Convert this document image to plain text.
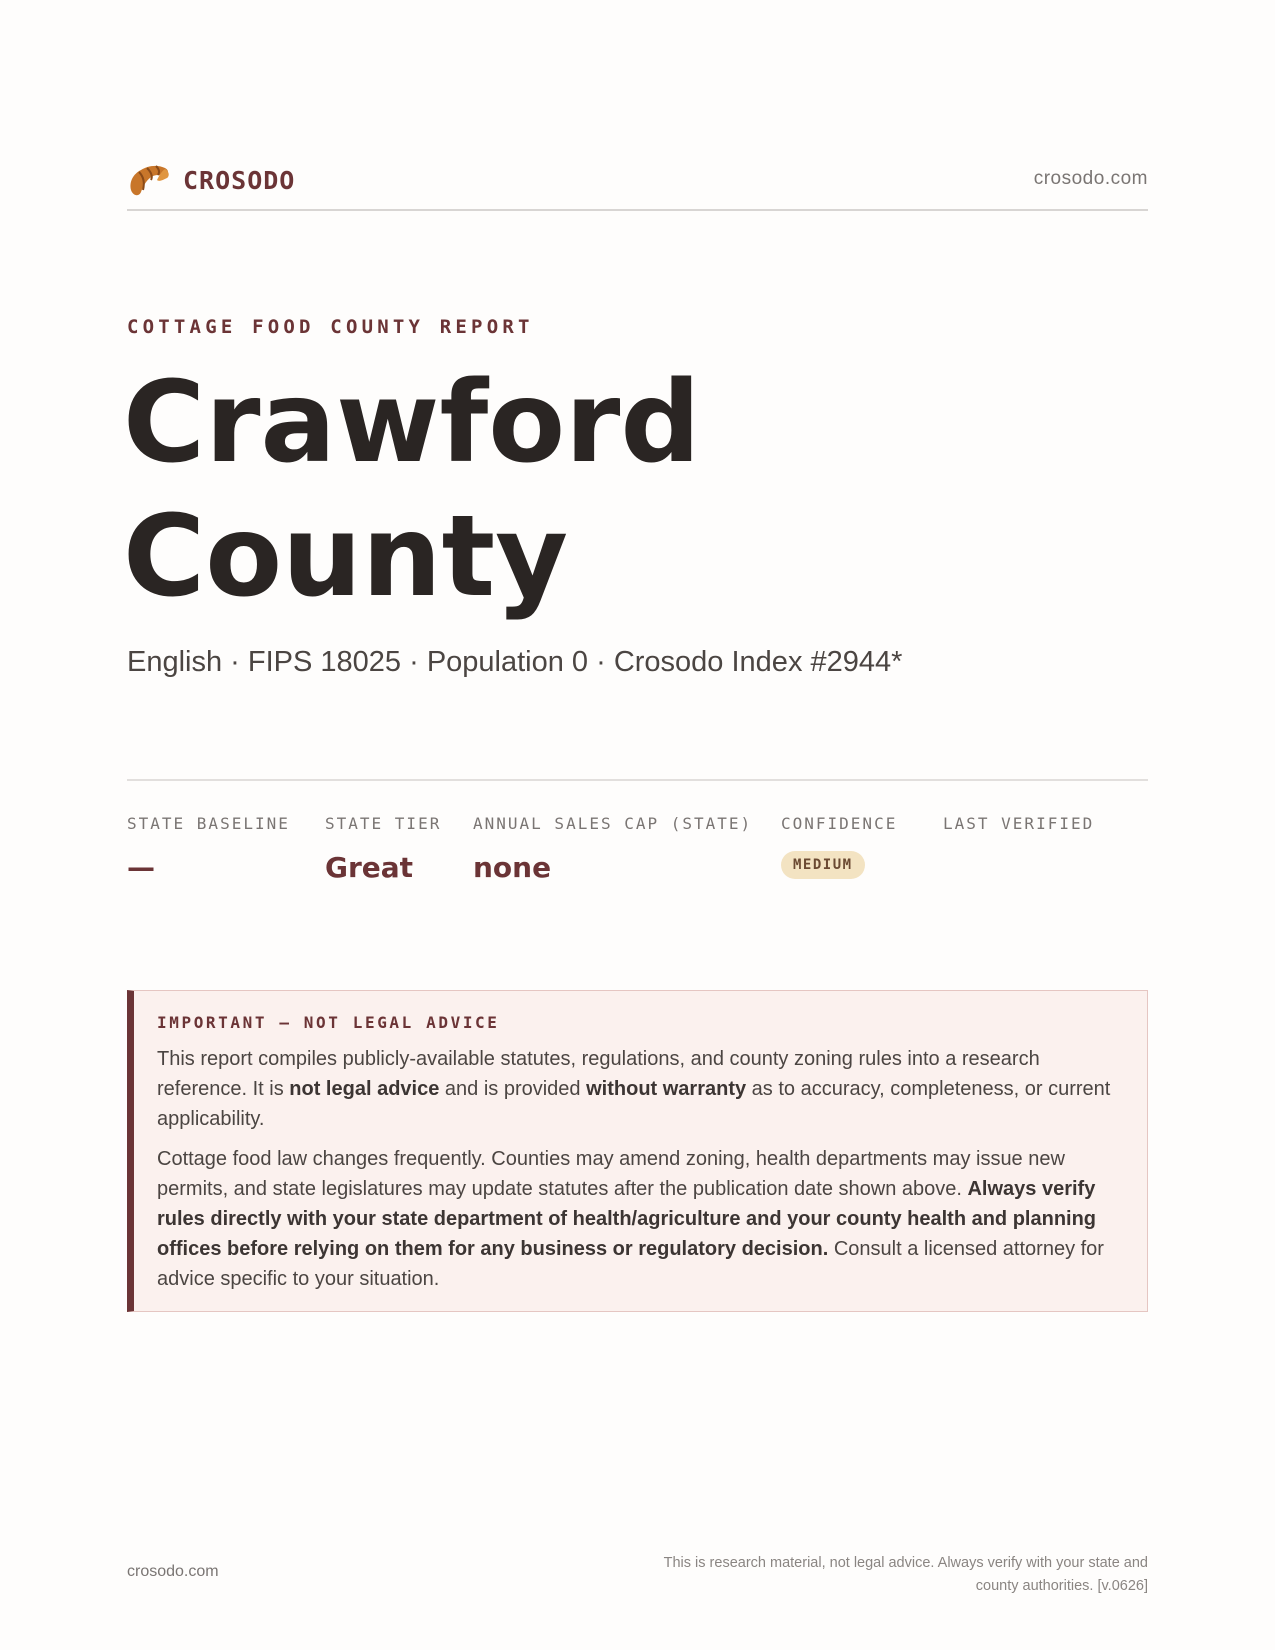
CROSODO	crosodo.com
COTTAGE FOOD COUNTY REPORT
Crawford County
English · FIPS 18025 · Population 0 · Crosodo Index #2944*
STATE BASELINE
—
STATE TIER
Great
ANNUAL SALES CAP (STATE)
none
CONFIDENCE
MEDIUM
LAST VERIFIED
IMPORTANT — NOT LEGAL ADVICE

This report compiles publicly-available statutes, regulations, and county zoning rules into a research reference. It is not legal advice and is provided without warranty as to accuracy, completeness, or current applicability.

Cottage food law changes frequently. Counties may amend zoning, health departments may issue new permits, and state legislatures may update statutes after the publication date shown above. Always verify rules directly with your state department of health/agriculture and your county health and planning offices before relying on them for any business or regulatory decision. Consult a licensed attorney for advice specific to your situation.

crosodo.com	This is research material, not legal advice. Always verify with your state and county authorities. [v.0626]
